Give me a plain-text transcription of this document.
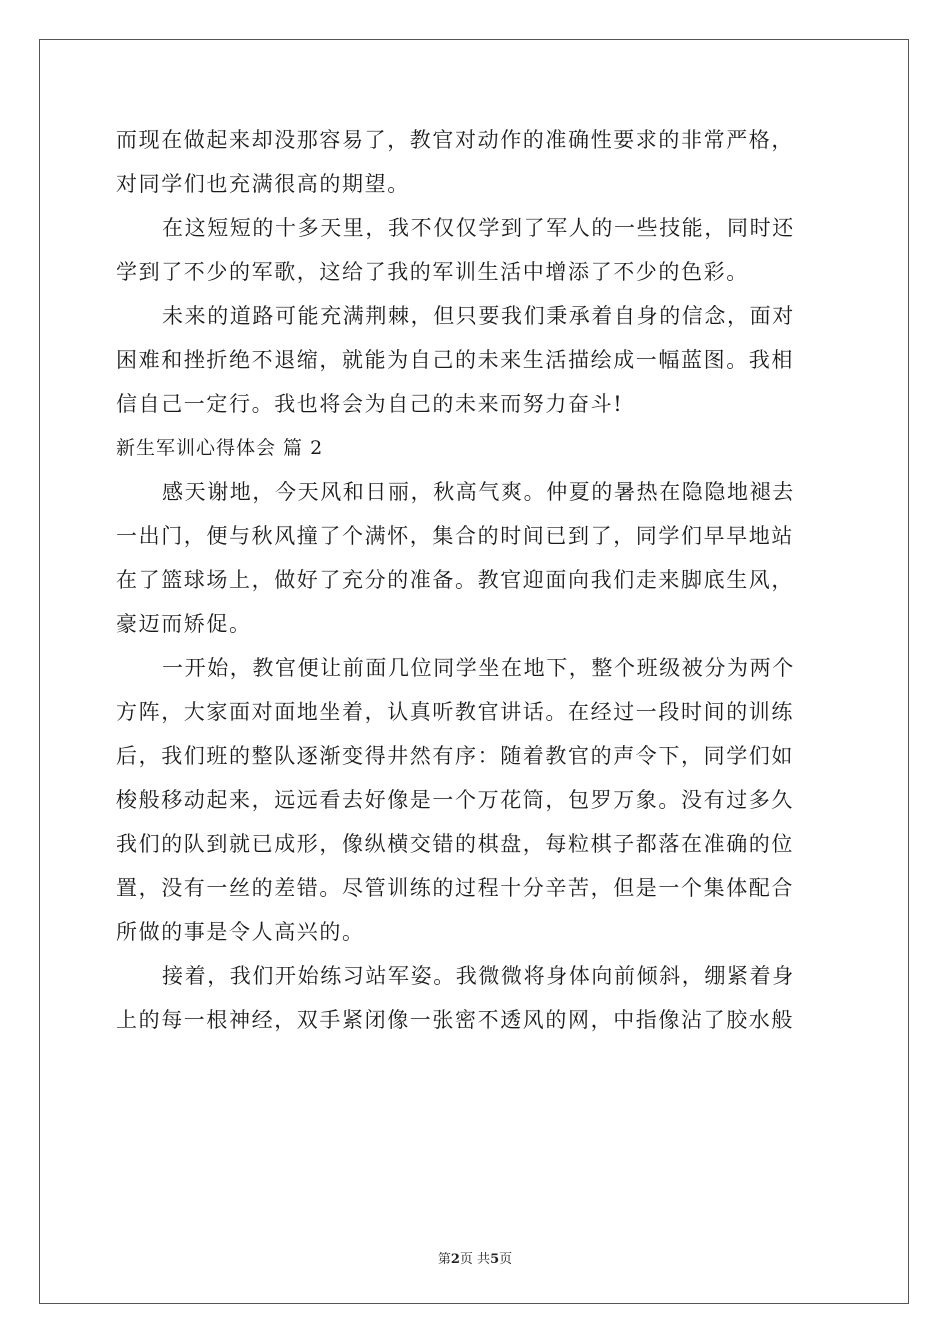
而现在做起来却没那容易了，教官对动作的准确性要求的非常严格，
对同学们也充满很高的期望。

在这短短的十多天里，我不仅仅学到了军人的一些技能，同时还
学到了不少的军歌，这给了我的军训生活中增添了不少的色彩。

未来的道路可能充满荆棘，但只要我们秉承着自身的信念，面对
困难和挫折绝不退缩，就能为自己的未来生活描绘成一幅蓝图。我相
信自己一定行。我也将会为自己的未来而努力奋斗!

新生军训心得体会 篇 2

感天谢地，今天风和日丽，秋高气爽。仲夏的暑热在隐隐地褪去
一出门，便与秋风撞了个满怀，集合的时间已到了，同学们早早地站
在了篮球场上，做好了充分的准备。教官迎面向我们走来脚底生风，
豪迈而矫促。

一开始，教官便让前面几位同学坐在地下，整个班级被分为两个
方阵，大家面对面地坐着，认真听教官讲话。在经过一段时间的训练
后，我们班的整队逐渐变得井然有序：随着教官的声令下，同学们如
梭般移动起来，远远看去好像是一个万花筒，包罗万象。没有过多久
我们的队到就已成形，像纵横交错的棋盘，每粒棋子都落在准确的位
置，没有一丝的差错。尽管训练的过程十分辛苦，但是一个集体配合
所做的事是令人高兴的。

接着，我们开始练习站军姿。我微微将身体向前倾斜，绷紧着身
上的每一根神经，双手紧闭像一张密不透风的网，中指像沾了胶水般

第2页 共5页
